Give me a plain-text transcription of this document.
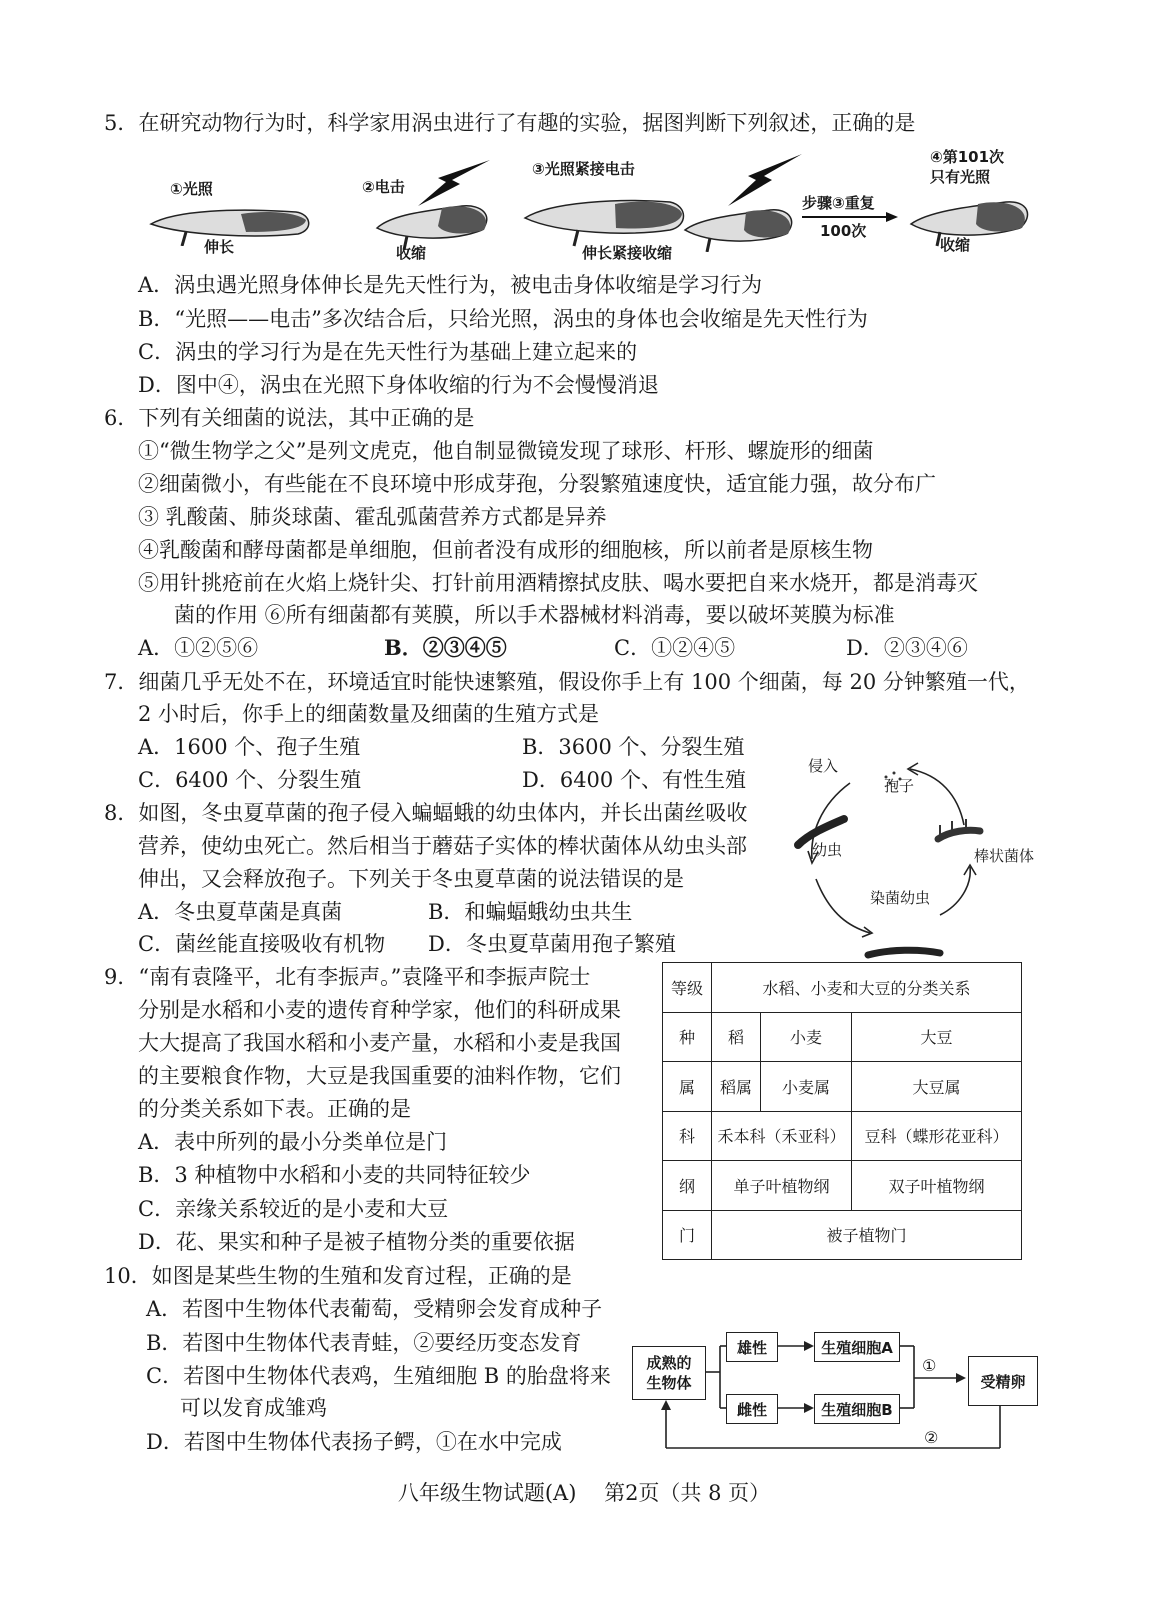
5．在研究动物行为时，科学家用涡虫进行了有趣的实验，据图判断下列叙述，正确的是
①光照
伸长
②电击
收缩
③光照紧接电击
伸长紧接收缩
步骤③重复
100次
④第101次
只有光照
收缩
A．涡虫遇光照身体伸长是先天性行为，被电击身体收缩是学习行为
B．“光照——电击”多次结合后，只给光照，涡虫的身体也会收缩是先天性行为
C．涡虫的学习行为是在先天性行为基础上建立起来的
D．图中④，涡虫在光照下身体收缩的行为不会慢慢消退
6．下列有关细菌的说法，其中正确的是
①“微生物学之父”是列文虎克，他自制显微镜发现了球形、杆形、螺旋形的细菌
②细菌微小，有些能在不良环境中形成芽孢，分裂繁殖速度快，适宜能力强，故分布广
③ 乳酸菌、肺炎球菌、霍乱弧菌营养方式都是异养
④乳酸菌和酵母菌都是单细胞，但前者没有成形的细胞核，所以前者是原核生物
⑤用针挑疮前在火焰上烧针尖、打针前用酒精擦拭皮肤、喝水要把自来水烧开，都是消毒灭
菌的作用 ⑥所有细菌都有荚膜，所以手术器械材料消毒，要以破坏荚膜为标准
A．①②⑤⑥	B．②③④⑤	C．①②④⑤	D．②③④⑥
7．细菌几乎无处不在，环境适宜时能快速繁殖，假设你手上有 100 个细菌，每 20 分钟繁殖一代，
2 小时后，你手上的细菌数量及细菌的生殖方式是
A．1600 个、孢子生殖	B．3600 个、分裂生殖
C．6400 个、分裂生殖	D．6400 个、有性生殖
侵入
孢子
幼虫	棒状菌体
染菌幼虫
8．如图，冬虫夏草菌的孢子侵入蝙蝠蛾的幼虫体内，并长出菌丝吸收
营养，使幼虫死亡。然后相当于蘑菇子实体的棒状菌体从幼虫头部
伸出，又会释放孢子。下列关于冬虫夏草菌的说法错误的是
A．冬虫夏草菌是真菌	B．和蝙蝠蛾幼虫共生
C．菌丝能直接吸收有机物 D．冬虫夏草菌用孢子繁殖
9．“南有袁隆平，北有李振声。”袁隆平和李振声院士
分别是水稻和小麦的遗传育种学家，他们的科研成果
大大提高了我国水稻和小麦产量，水稻和小麦是我国
的主要粮食作物，大豆是我国重要的油料作物，它们
的分类关系如下表。正确的是
A．表中所列的最小分类单位是门
B．3 种植物中水稻和小麦的共同特征较少
C．亲缘关系较近的是小麦和大豆
D．花、果实和种子是被子植物分类的重要依据
等级	水稻、小麦和大豆的分类关系		
种	稻	小麦	大豆
属	稻属	小麦属	大豆属
科	禾本科（禾亚科）		豆科（蝶形花亚科）
纲	单子叶植物纲		双子叶植物纲
门	被子植物门		
10．如图是某些生物的生殖和发育过程，正确的是
A．若图中生物体代表葡萄，受精卵会发育成种子
B．若图中生物体代表青蛙，②要经历变态发育
C．若图中生物体代表鸡，生殖细胞 B 的胎盘将来
可以发育成雏鸡
D．若图中生物体代表扬子鳄，①在水中完成
成熟的生物体
雄性
雌性
生殖细胞A
生殖细胞B
受精卵
①
②
八年级生物试题(A)　 第2页（共 8 页）
